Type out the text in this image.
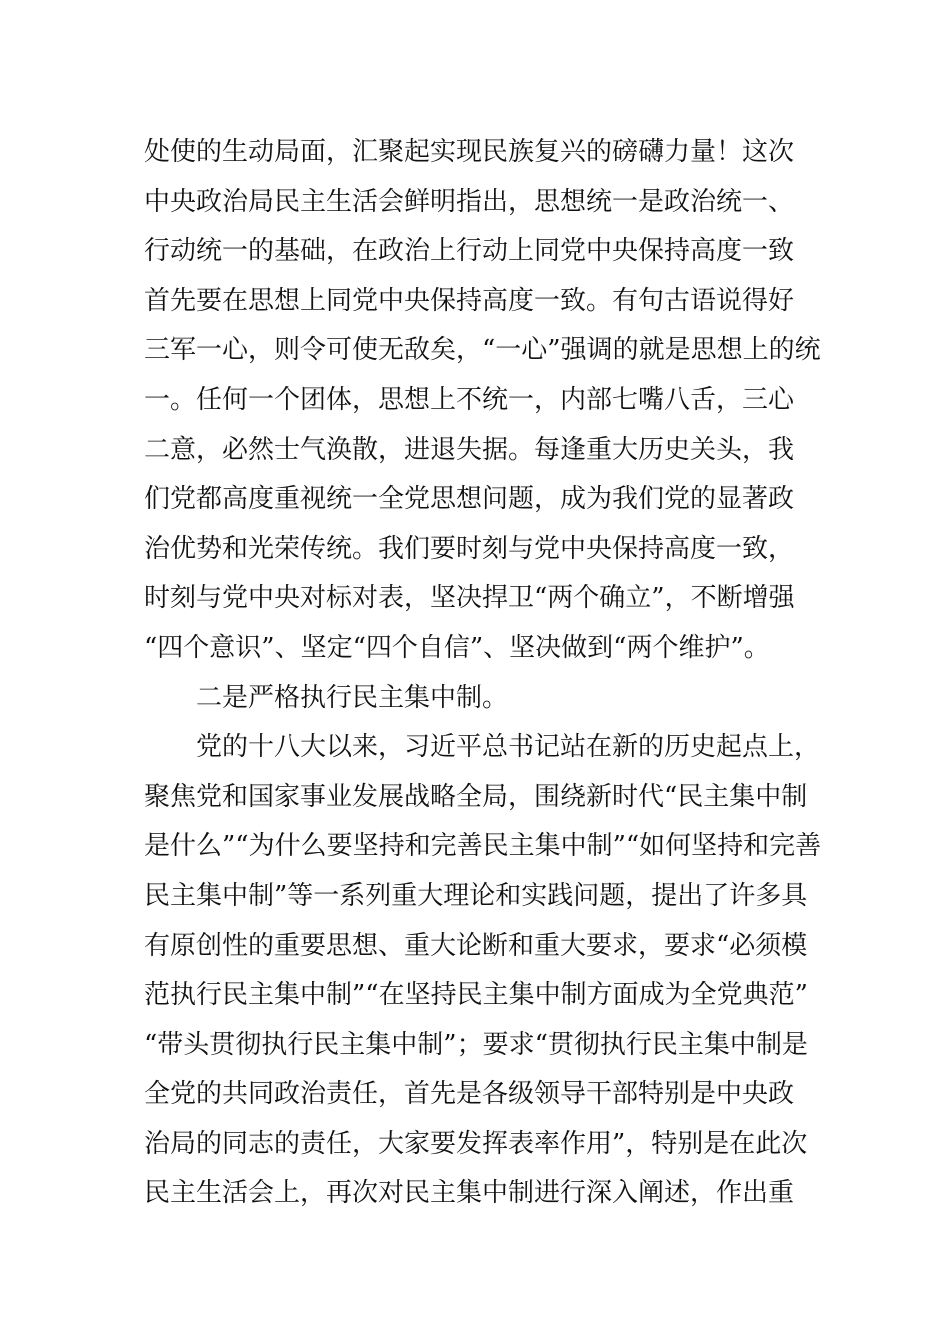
处使的生动局面，汇聚起实现民族复兴的磅礴力量！这次
中央政治局民主生活会鲜明指出，思想统一是政治统一、
行动统一的基础，在政治上行动上同党中央保持高度一致
首先要在思想上同党中央保持高度一致。有句古语说得好
三军一心，则令可使无敌矣，“一心”强调的就是思想上的统
一。任何一个团体，思想上不统一，内部七嘴八舌，三心
二意，必然士气涣散，进退失据。每逢重大历史关头，我
们党都高度重视统一全党思想问题，成为我们党的显著政
治优势和光荣传统。我们要时刻与党中央保持高度一致，
时刻与党中央对标对表，坚决捍卫“两个确立”，不断增强
“四个意识”、坚定“四个自信”、坚决做到“两个维护”。
二是严格执行民主集中制。
党的十八大以来，习近平总书记站在新的历史起点上，
聚焦党和国家事业发展战略全局，围绕新时代“民主集中制
是什么”“为什么要坚持和完善民主集中制”“如何坚持和完善
民主集中制”等一系列重大理论和实践问题，提出了许多具
有原创性的重要思想、重大论断和重大要求，要求“必须模
范执行民主集中制”“在坚持民主集中制方面成为全党典范”
“带头贯彻执行民主集中制”；要求“贯彻执行民主集中制是
全党的共同政治责任，首先是各级领导干部特别是中央政
治局的同志的责任，大家要发挥表率作用”，特别是在此次
民主生活会上，再次对民主集中制进行深入阐述，作出重
